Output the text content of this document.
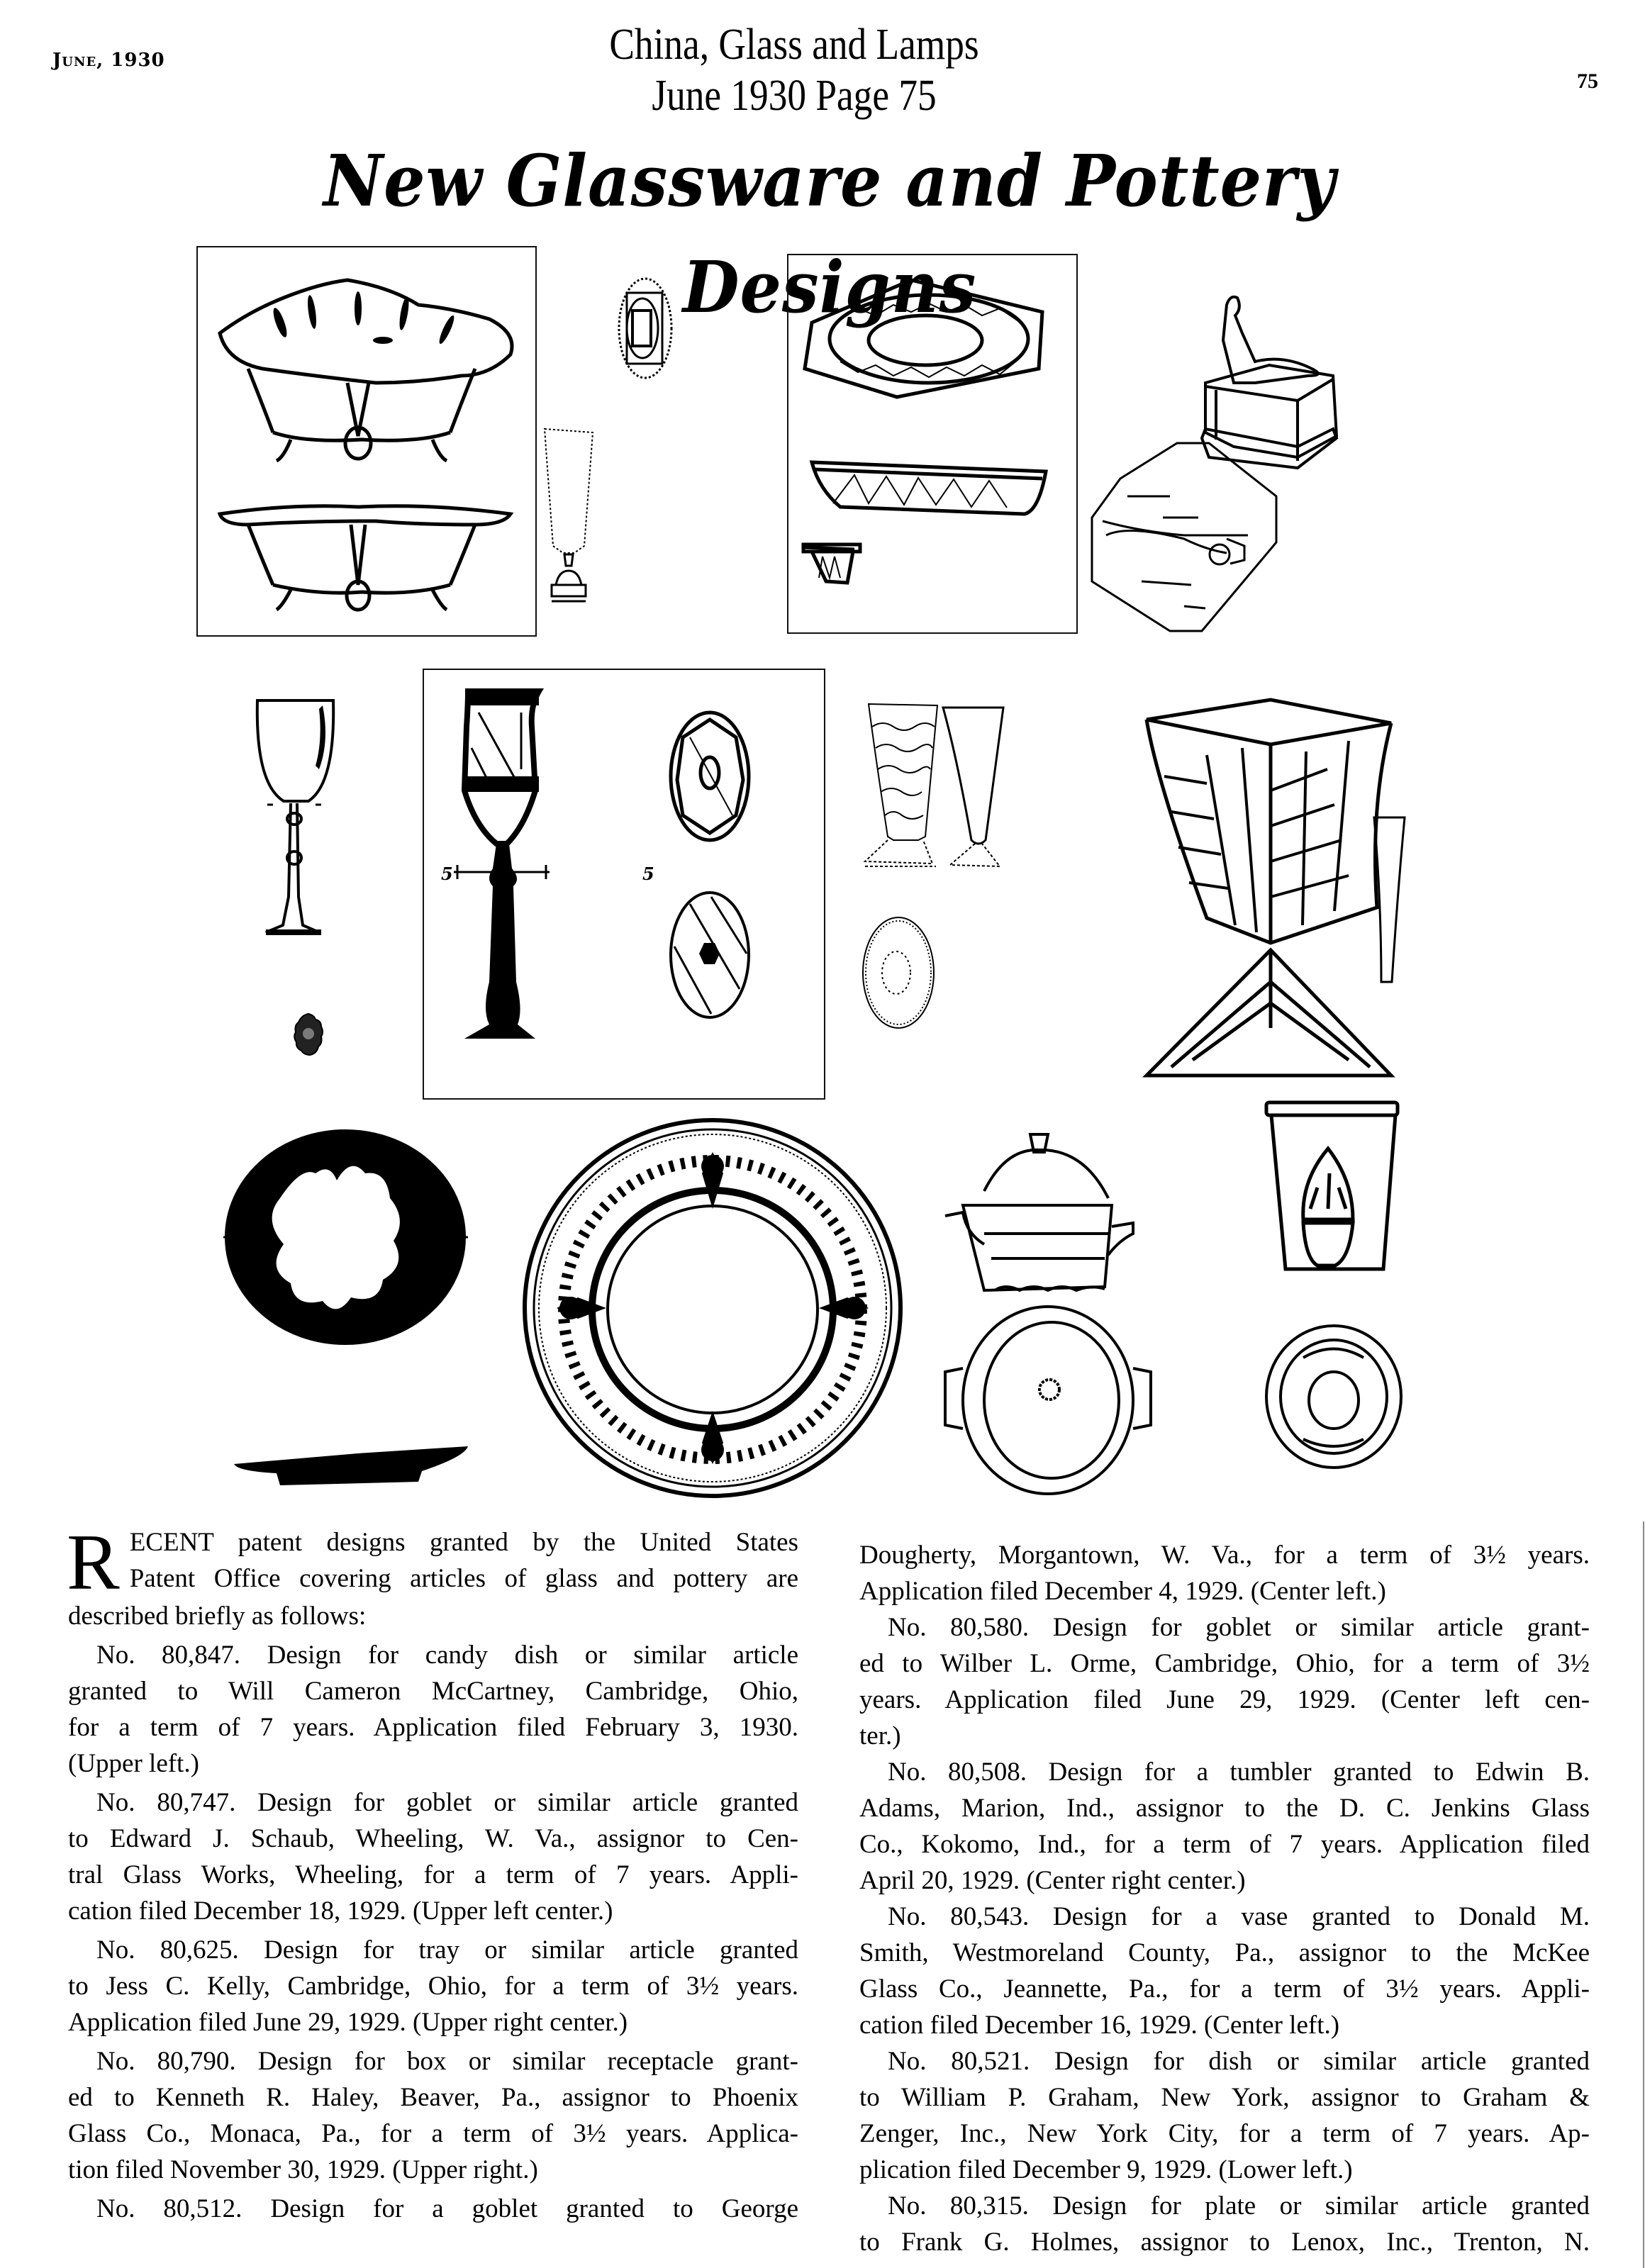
June, 1930	China, Glass and Lamps
June 1930 Page 75	75
New Glassware and Pottery Designs
5	5
R ECENT patent designs granted by the United States
Patent Office covering articles of glass and pottery are
described briefly as follows:
No. 80,847. Design for candy dish or similar article
granted to Will Cameron McCartney, Cambridge, Ohio,
for a term of 7 years. Application filed February 3, 1930.
(Upper left.)
No. 80,747. Design for goblet or similar article granted
to Edward J. Schaub, Wheeling, W. Va., assignor to Cen-
tral Glass Works, Wheeling, for a term of 7 years. Appli-
cation filed December 18, 1929. (Upper left center.)
No. 80,625. Design for tray or similar article granted
to Jess C. Kelly, Cambridge, Ohio, for a term of 3½ years.
Application filed June 29, 1929. (Upper right center.)
No. 80,790. Design for box or similar receptacle grant-
ed to Kenneth R. Haley, Beaver, Pa., assignor to Phoenix
Glass Co., Monaca, Pa., for a term of 3½ years. Applica-
tion filed November 30, 1929. (Upper right.)
No. 80,512. Design for a goblet granted to George
Dougherty, Morgantown, W. Va., for a term of 3½ years.
Application filed December 4, 1929. (Center left.)
No. 80,580. Design for goblet or similar article grant-
ed to Wilber L. Orme, Cambridge, Ohio, for a term of 3½
years. Application filed June 29, 1929. (Center left cen-
ter.)
No. 80,508. Design for a tumbler granted to Edwin B.
Adams, Marion, Ind., assignor to the D. C. Jenkins Glass
Co., Kokomo, Ind., for a term of 7 years. Application filed
April 20, 1929. (Center right center.)
No. 80,543. Design for a vase granted to Donald M.
Smith, Westmoreland County, Pa., assignor to the McKee
Glass Co., Jeannette, Pa., for a term of 3½ years. Appli-
cation filed December 16, 1929. (Center left.)
No. 80,521. Design for dish or similar article granted
to William P. Graham, New York, assignor to Graham &
Zenger, Inc., New York City, for a term of 7 years. Ap-
plication filed December 9, 1929. (Lower left.)
No. 80,315. Design for plate or similar article granted
to Frank G. Holmes, assignor to Lenox, Inc., Trenton, N.
